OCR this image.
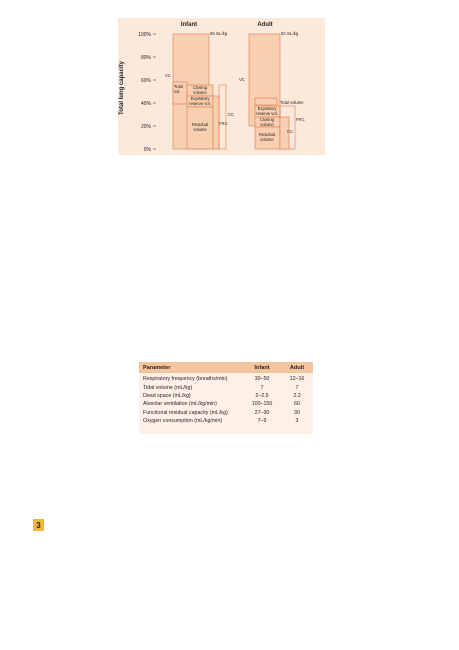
Total lung capacity
100%
80%
60%
40%
20%
0%
Infant
65 mL/kg
VC
Tidal
vol.
Closing
volume
Expiratory
reserve vol.
Residual
volume
FRC
CC
Adult
82 mL/kg
VC
Tidal volume
Expiratory
reserve vol.
Closing
volume
Residual
volume
FRC
CC
Parameter	Infant	Adult
Respiratory frequency (breaths/min)	30–50	12–16
Tidal volume (mL/kg)	7	7
Dead space (mL/kg)	2–2.5	2.2
Alveolar ventilation (mL/kg/min)	100–150	60
Functional residual capacity (mL/kg)	27–30	30
Oxygen consumption (mL/kg/min)	7–9	3
3
